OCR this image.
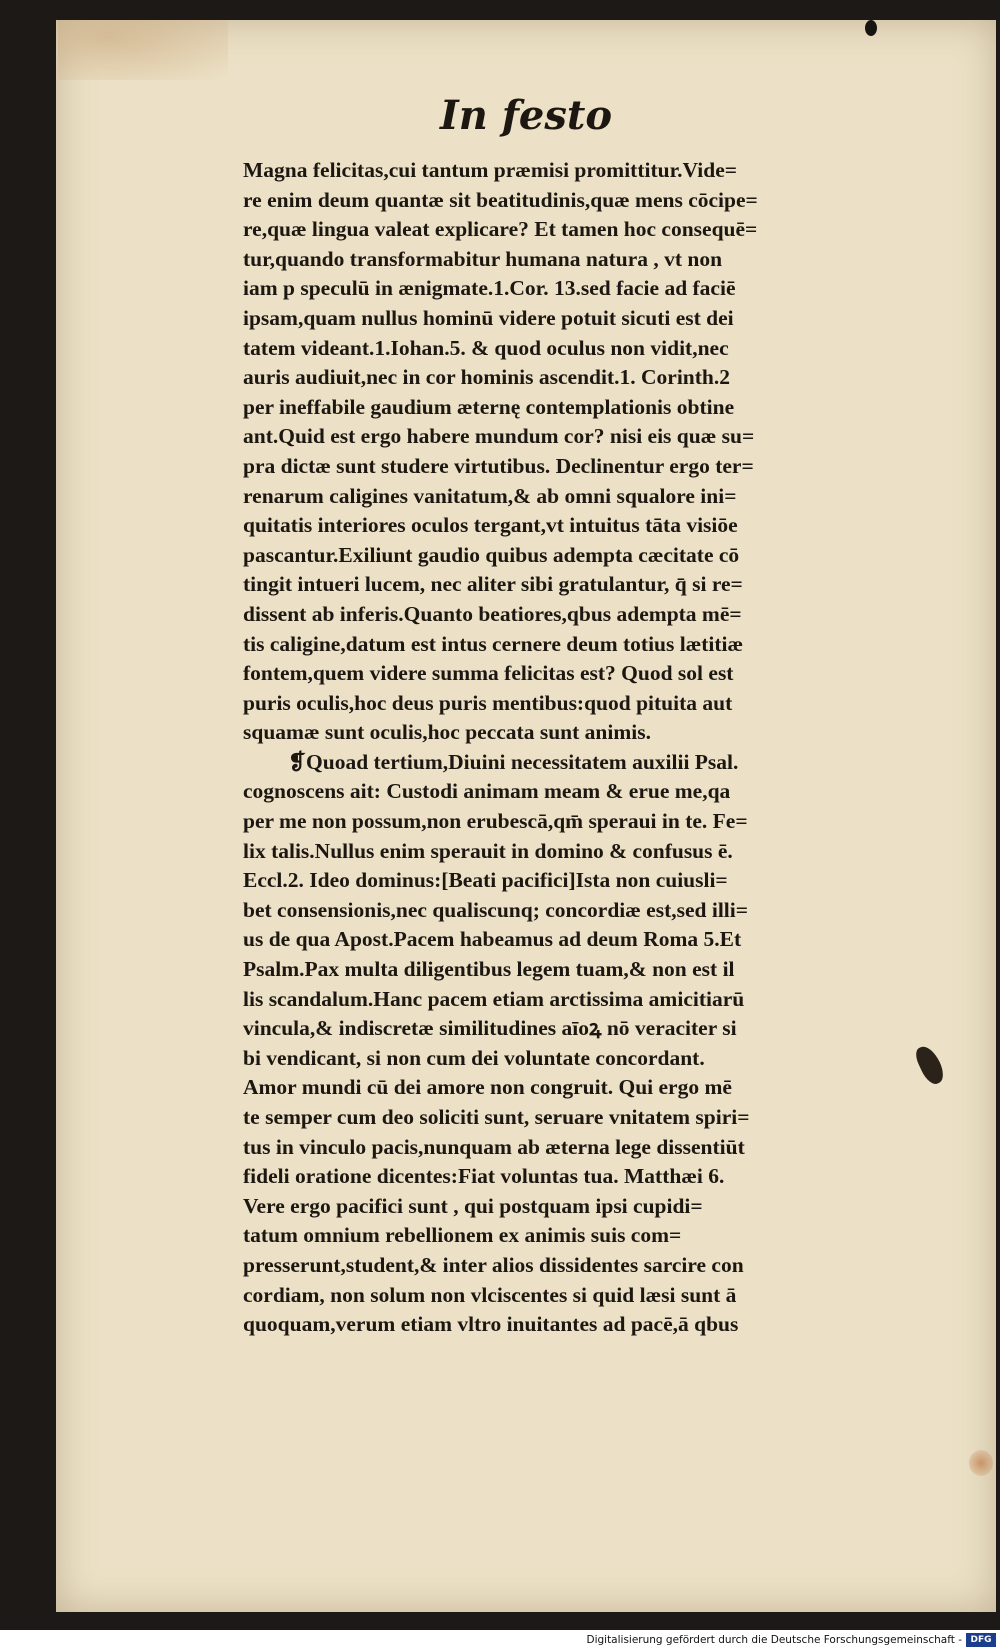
In festo
Magna felicitas,cui tantum præmisi promittitur.Vide=
re enim deum quantæ sit beatitudinis,quæ mens cōcipe=
re,quæ lingua valeat explicare? Et tamen hoc consequē=
tur,quando transformabitur humana natura , vt non
iam p speculū in ænigmate.1.Cor. 13.sed facie ad faciē
ipsam,quam nullus hominū videre potuit sicuti est dei
tatem videant.1.Iohan.5. & quod oculus non vidit,nec
auris audiuit,nec in cor hominis ascendit.1. Corinth.2
per ineffabile gaudium æternę contemplationis obtine
ant.Quid est ergo habere mundum cor? nisi eis quæ su=
pra dictæ sunt studere virtutibus. Declinentur ergo ter=
renarum caligines vanitatum,& ab omni squalore ini=
quitatis interiores oculos tergant,vt intuitus tāta visiōe
pascantur.Exiliunt gaudio quibus adempta cæcitate cō
tingit intueri lucem, nec aliter sibi gratulantur, q̄ si re=
dissent ab inferis.Quanto beatiores,qbus adempta mē=
tis caligine,datum est intus cernere deum totius lætitiæ
fontem,quem videre summa felicitas est? Quod sol est
puris oculis,hoc deus puris mentibus:quod pituita aut
squamæ sunt oculis,hoc peccata sunt animis.
❡Quoad tertium,Diuini necessitatem auxilii Psal.
cognoscens ait: Custodi animam meam & erue me,qa
per me non possum,non erubescā,qm̄ speraui in te. Fe=
lix talis.Nullus enim sperauit in domino & confusus ē.
Eccl.2. Ideo dominus:[Beati pacifici]Ista non cuiusli=
bet consensionis,nec qualiscunq; concordiæ est,sed illi=
us de qua Apost.Pacem habeamus ad deum Roma 5.Et
Psalm.Pax multa diligentibus legem tuam,& non est il
lis scandalum.Hanc pacem etiam arctissima amicitiarū
vincula,& indiscretæ similitudines aīoꝝ nō veraciter si
bi vendicant, si non cum dei voluntate concordant.
Amor mundi cū dei amore non congruit. Qui ergo mē
te semper cum deo soliciti sunt, seruare vnitatem spiri=
tus in vinculo pacis,nunquam ab æterna lege dissentiūt
fideli oratione dicentes:Fiat voluntas tua. Matthæi 6.
Vere ergo pacifici sunt , qui postquam ipsi cupidi=
tatum omnium rebellionem ex animis suis com=
presserunt,student,& inter alios dissidentes sarcire con
cordiam, non solum non vlciscentes si quid læsi sunt ā
quoquam,verum etiam vltro inuitantes ad pacē,ā qbus
Digitalisierung gefördert durch die Deutsche Forschungsgemeinschaft - DFG
